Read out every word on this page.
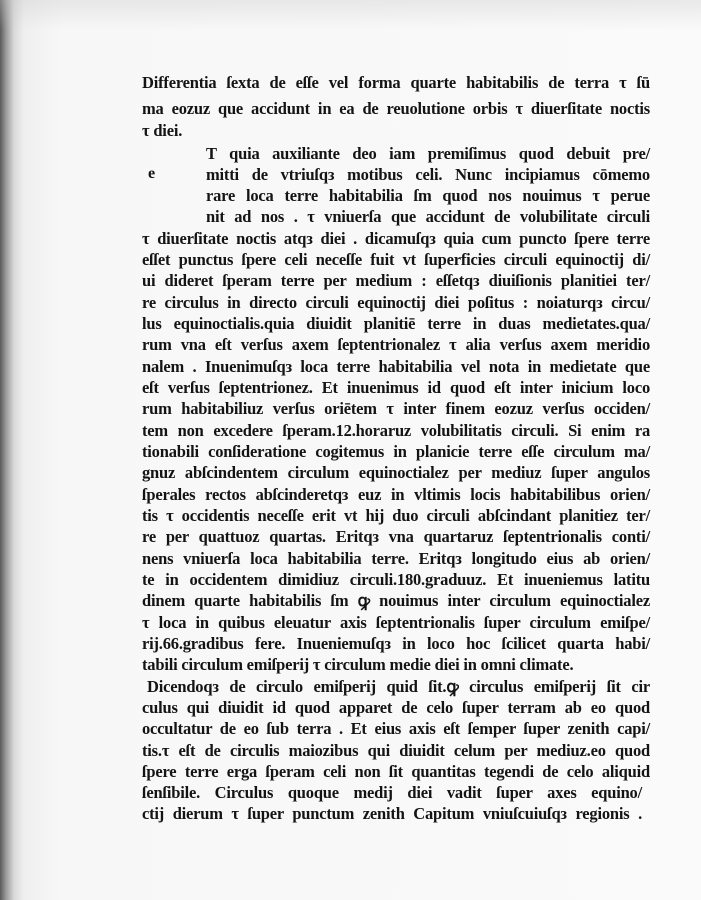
e
Differentia ſexta de eſſe vel forma quarte habitabilis de terra τ ſū
ma eozuz que accidunt in ea de reuolutione orbis τ diuerſitate noctis
τ diei.
T quia auxiliante deo iam premiſimus quod debuit pre/
mitti de vtriuſqз motibus celi. Nunc incipiamus cōmemo
rare loca terre habitabilia ſm quod nos nouimus τ perue
nit ad nos . τ vniuerſa que accidunt de volubilitate circuli
τ diuerſitate noctis atqз diei . dicamuſqз quia cum puncto ſpere terre
eſſet punctus ſpere celi neceſſe fuit vt ſuperficies circuli equinoctij di/
ui dideret ſperam terre per medium : eſſetqз diuiſionis planitiei ter/
re circulus in directo circuli equinoctij diei poſitus : noiaturqз circu/
lus equinoctialis.quia diuidit planitiē terre in duas medietates.qua/
rum vna eſt verſus axem ſeptentrionalez τ alia verſus axem meridio
nalem . Inuenimuſqз loca terre habitabilia vel nota in medietate que
eſt verſus ſeptentrionez. Et inuenimus id quod eſt inter inicium loco
rum habitabiliuz verſus oriētem τ inter finem eozuz verſus occiden/
tem non excedere ſperam.12.horaruz volubilitatis circuli. Si enim ra
tionabili conſideratione cogitemus in planicie terre eſſe circulum ma/
gnuz abſcindentem circulum equinoctialez per mediuz ſuper angulos
ſperales rectos abſcinderetqз euz in vltimis locis habitabilibus orien/
tis τ occidentis neceſſe erit vt hij duo circuli abſcindant planitiez ter/
re per quattuoz quartas. Eritqз vna quartaruz ſeptentrionalis conti/
nens vniuerſa loca habitabilia terre. Eritqз longitudo eius ab orien/
te in occidentem dimidiuz circuli.180.graduuz. Et inueniemus latitu
dinem quarte habitabilis ſm ꝙ nouimus inter circulum equinoctialez
τ loca in quibus eleuatur axis ſeptentrionalis ſuper circulum emiſpe/
rij.66.gradibus fere. Inueniemuſqз in loco hoc ſcilicet quarta habi/
tabili circulum emiſperij τ circulum medie diei in omni climate.
Dicendoqз de circulo emiſperij quid ſit.ꝙ circulus emiſperij ſit cir
culus qui diuidit id quod apparet de celo ſuper terram ab eo quod
occultatur de eo ſub terra . Et eius axis eſt ſemper ſuper zenith capi/
tis.τ eſt de circulis maiozibus qui diuidit celum per mediuz.eo quod
ſpere terre erga ſperam celi non ſit quantitas tegendi de celo aliquid
ſenſibile. Circulus quoque medij diei vadit ſuper axes equino/
ctij dierum τ ſuper punctum zenith Capitum vniuſcuiuſqз regionis .
